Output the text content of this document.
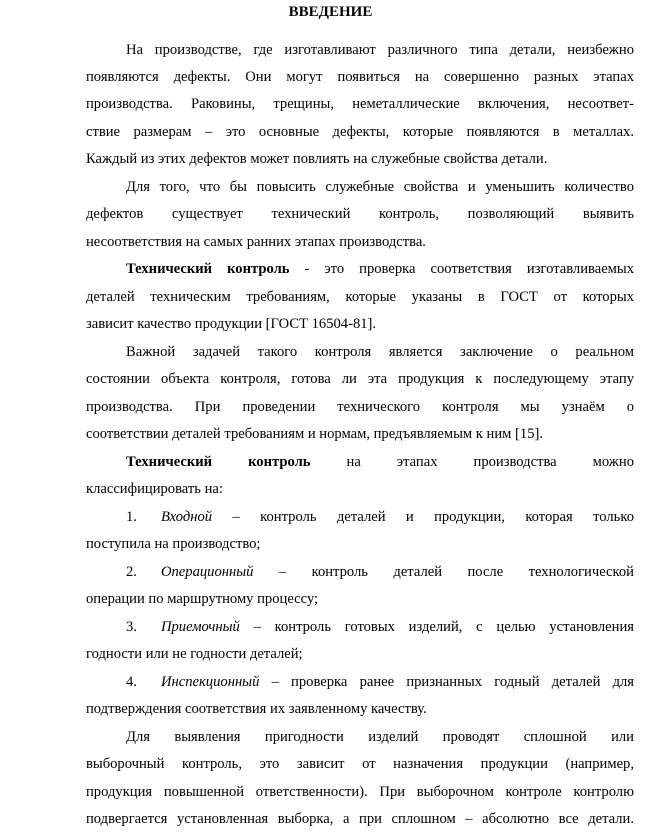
ВВЕДЕНИЕ
На производстве, где изготавливают различного типа детали, неизбежно
появляются дефекты. Они могут появиться на совершенно разных этапах
производства. Раковины, трещины, неметаллические включения, несоответ-
ствие размерам – это основные дефекты, которые появляются в металлах.
Каждый из этих дефектов может повлиять на служебные свойства детали.
Для того, что бы повысить служебные свойства и уменьшить количество
дефектов существует технический контроль, позволяющий выявить
несоответствия на самых ранних этапах производства.
Технический контроль - это проверка соответствия изготавливаемых
деталей техническим требованиям, которые указаны в ГОСТ от которых
зависит качество продукции [ГОСТ 16504-81].
Важной задачей такого контроля является заключение о реальном
состоянии объекта контроля, готова ли эта продукция к последующему этапу
производства. При проведении технического контроля мы узнаём о
соответствии деталей требованиям и нормам, предъявляемым к ним [15].
Технический контроль на этапах производства можно
классифицировать на:
1. Входной – контроль деталей и продукции, которая только
поступила на производство;
2. Операционный – контроль деталей после технологической
операции по маршрутному процессу;
3. Приемочный – контроль готовых изделий, с целью установления
годности или не годности деталей;
4. Инспекционный – проверка ранее признанных годный деталей для
подтверждения соответствия их заявленному качеству.
Для выявления пригодности изделий проводят сплошной или
выборочный контроль, это зависит от назначения продукции (например,
продукция повышенной ответственности). При выборочном контроле контролю
подвергается установленная выборка, а при сплошном – абсолютно все детали.
